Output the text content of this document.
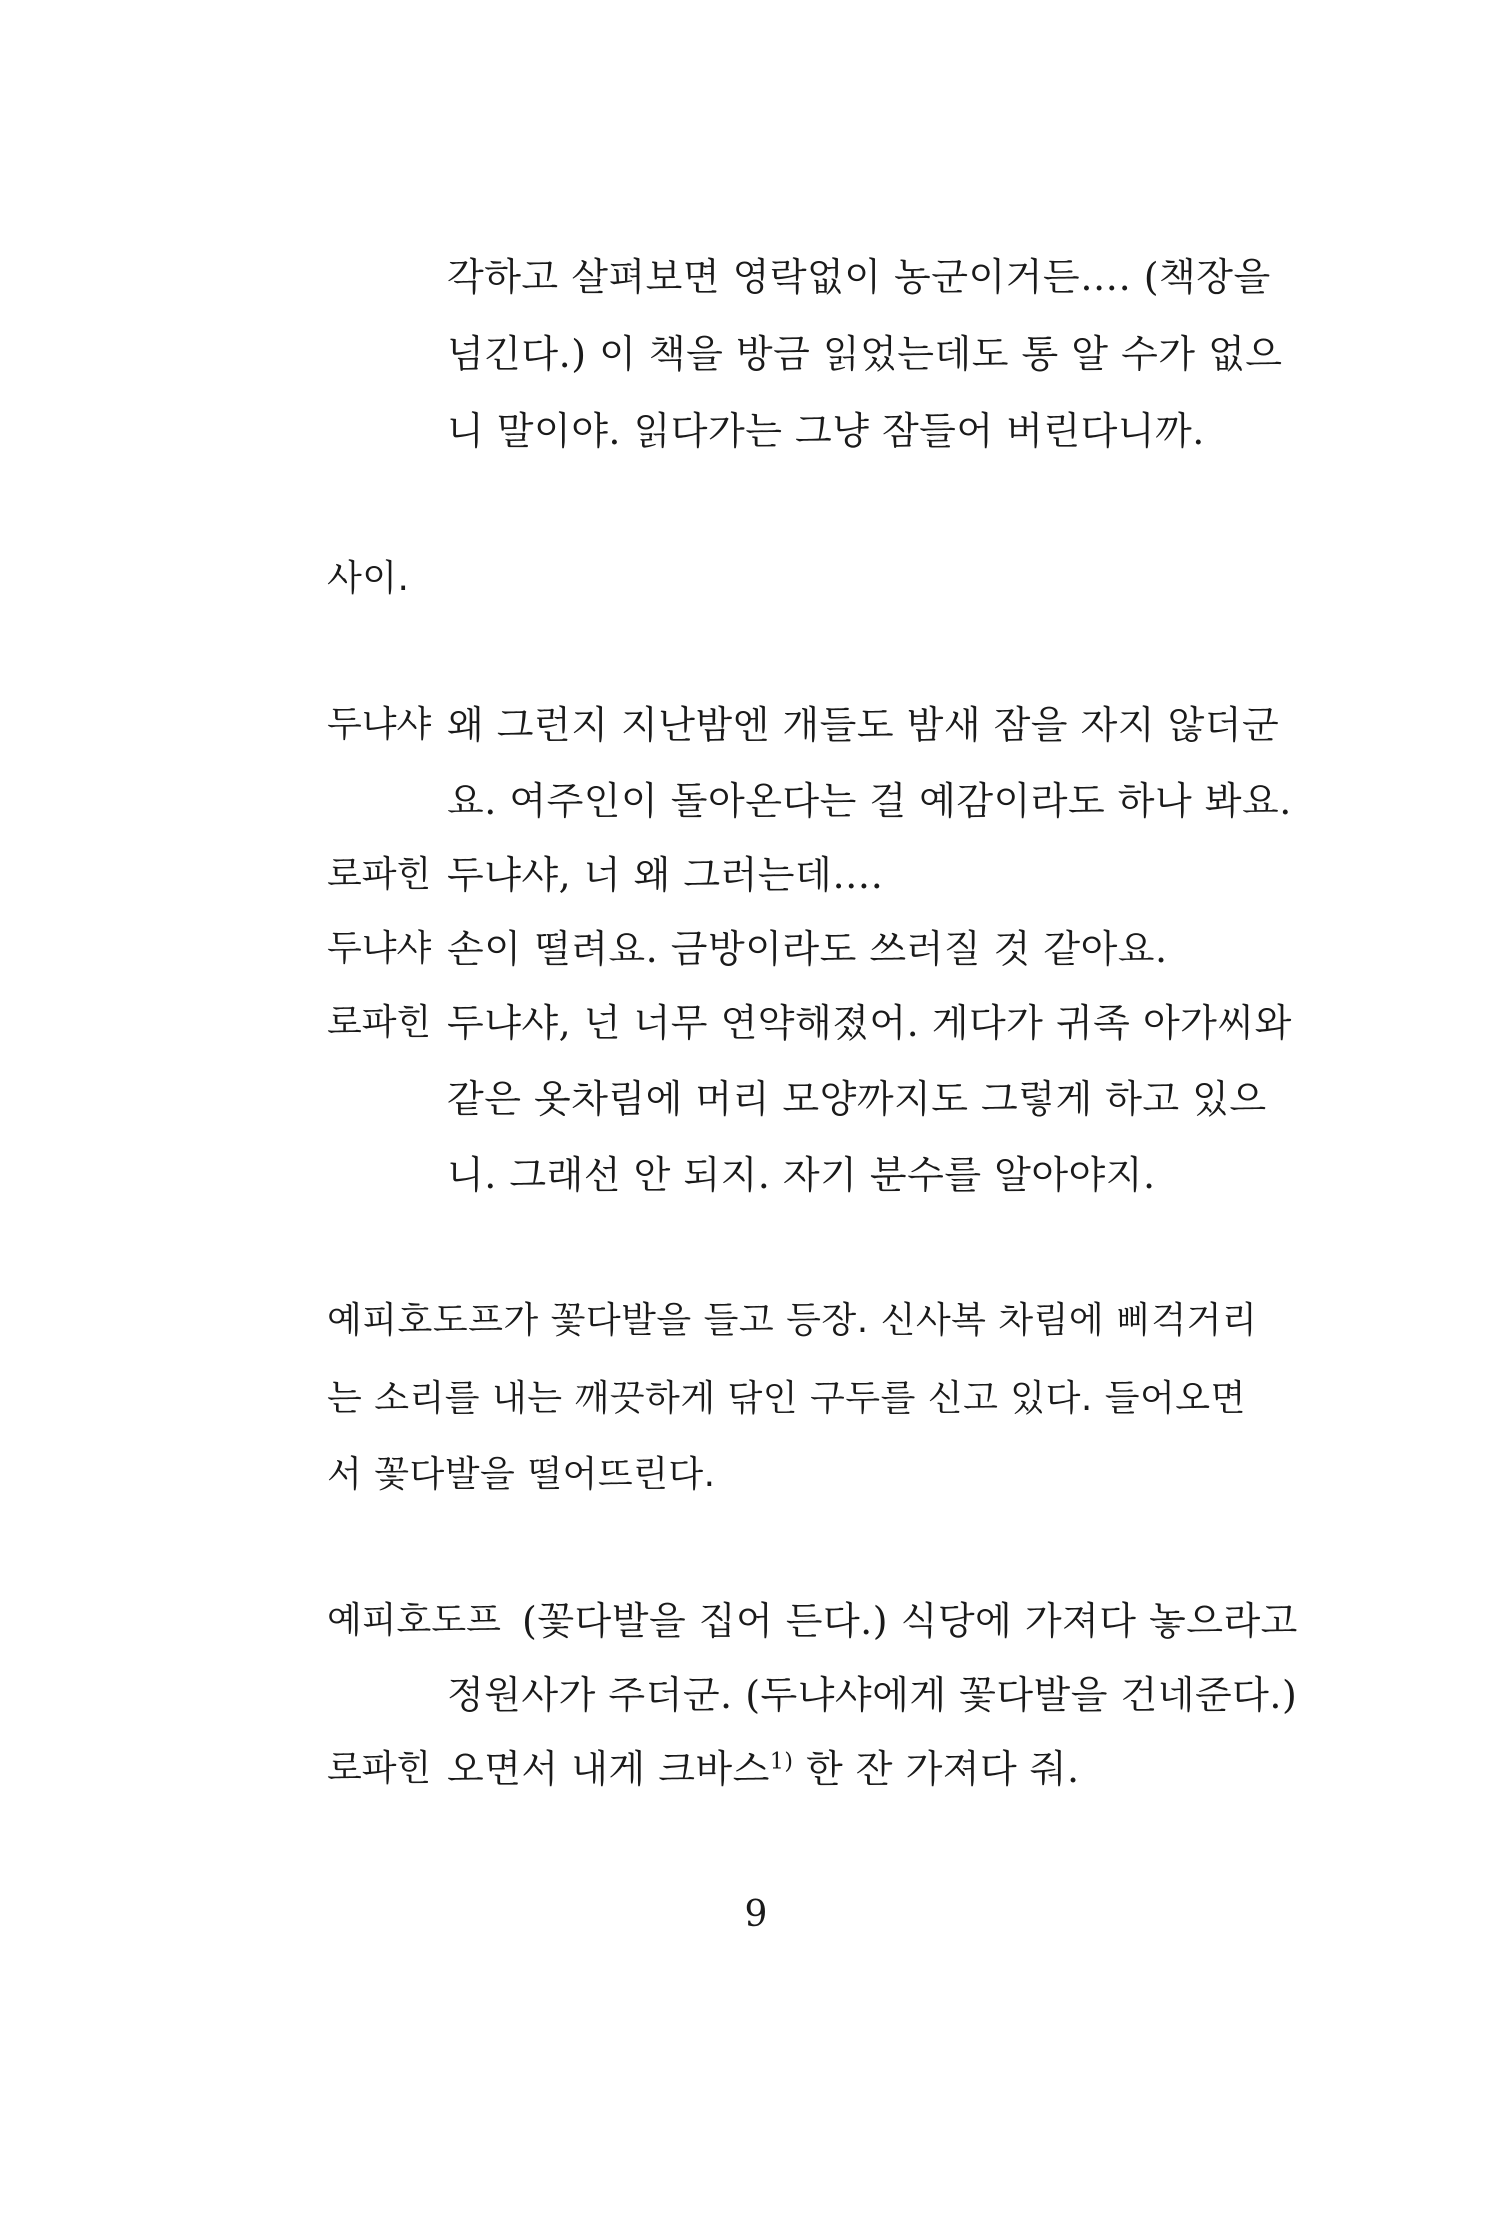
각하고 살펴보면 영락없이 농군이거든…. (책장을
넘긴다.) 이 책을 방금 읽었는데도 통 알 수가 없으
니 말이야. 읽다가는 그냥 잠들어 버린다니까.
사이.
두냐샤 왜 그런지 지난밤엔 개들도 밤새 잠을 자지 않더군
요. 여주인이 돌아온다는 걸 예감이라도 하나 봐요.
로파힌 두냐샤, 너 왜 그러는데….
두냐샤 손이 떨려요. 금방이라도 쓰러질 것 같아요.
로파힌 두냐샤, 넌 너무 연약해졌어. 게다가 귀족 아가씨와
같은 옷차림에 머리 모양까지도 그렇게 하고 있으
니. 그래선 안 되지. 자기 분수를 알아야지.
예피호도프가 꽃다발을 들고 등장. 신사복 차림에 삐걱거리
는 소리를 내는 깨끗하게 닦인 구두를 신고 있다. 들어오면
서 꽃다발을 떨어뜨린다.
예피호도프 (꽃다발을 집어 든다.) 식당에 가져다 놓으라고
정원사가 주더군. (두냐샤에게 꽃다발을 건네준다.)
로파힌 오면서 내게 크바스$^{1)}$ 한 잔 가져다 줘.
9
